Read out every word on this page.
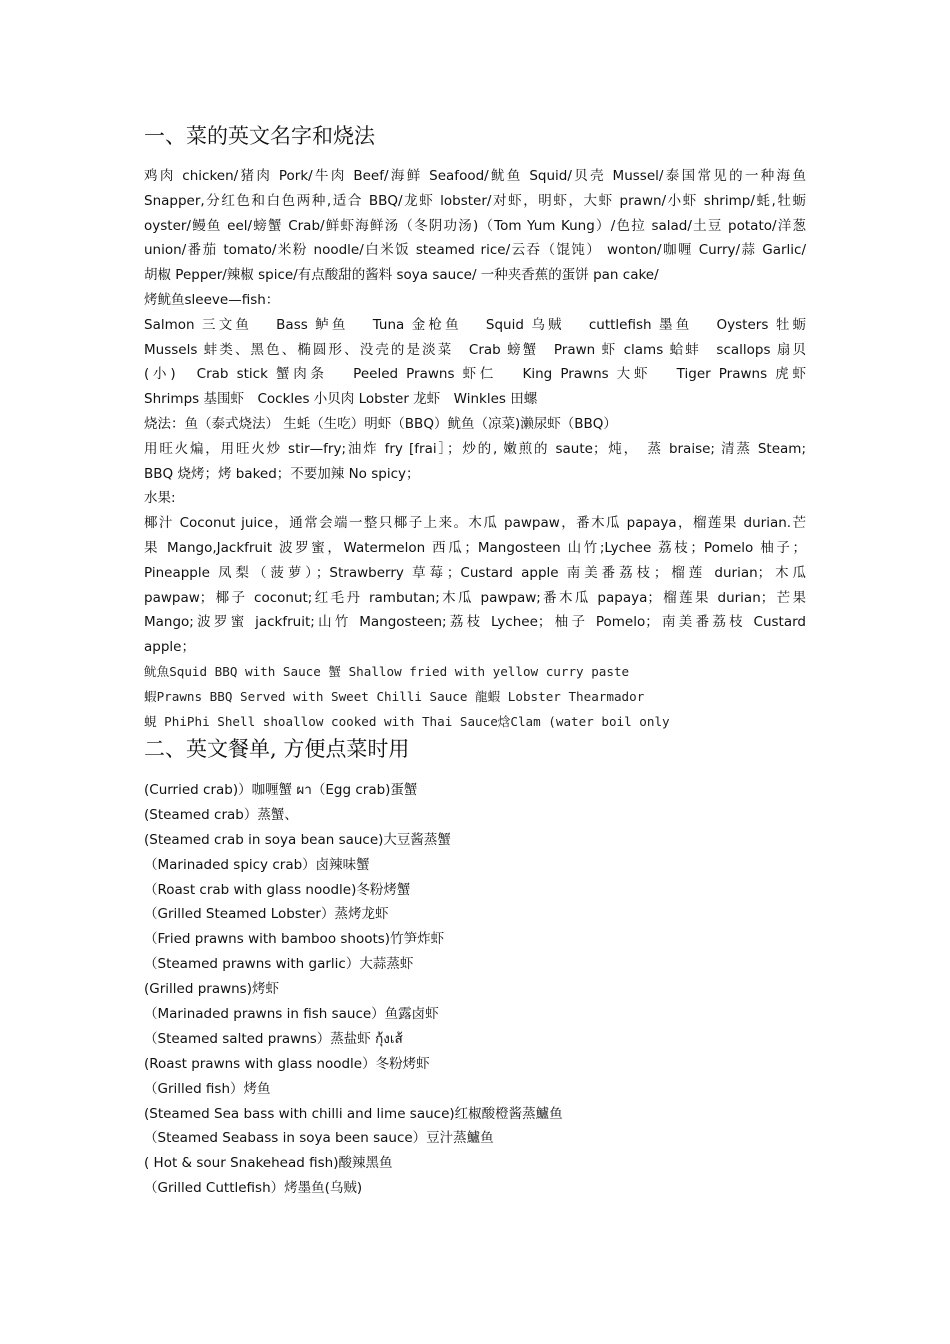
一、菜的英文名字和烧法
鸡肉 chicken/猪肉 Pork/牛肉 Beef/海鲜 Seafood/鱿鱼 Squid/贝壳 Mussel/泰国常见的一种海鱼
Snapper,分红色和白色两种,适合 BBQ/龙虾 lobster/对虾，明虾，大虾 prawn/小虾 shrimp/蚝,牡蛎
oyster/鳗鱼 eel/螃蟹 Crab/鲜虾海鲜汤（冬阴功汤)（Tom Yum Kung）/色拉 salad/土豆 potato/洋葱
union/番茄 tomato/米粉 noodle/白米饭 steamed rice/云吞（馄饨） wonton/咖喱 Curry/蒜 Garlic/
胡椒 Pepper/辣椒 spice/有点酸甜的酱料 soya sauce/ 一种夹香蕉的蛋饼 pan cake/
烤鱿鱼sleeve—fish：
Salmon 三文鱼　 Bass 鲈鱼　 Tuna 金枪鱼　 Squid 乌贼　 cuttlefish 墨鱼　 Oysters 牡蛎
Mussels 蚌类、黑色、椭圆形、没壳的是淡菜　Crab 螃蟹　Prawn 虾 clams 蛤蚌　scallops 扇贝
(小)　Crab stick 蟹肉条　 Peeled Prawns 虾仁　 King Prawns 大虾　 Tiger Prawns 虎虾
Shrimps 基围虾　Cockles 小贝肉 Lobster 龙虾　Winkles 田螺
烧法：鱼（泰式烧法） 生蚝（生吃）明虾（BBQ）鱿鱼（凉菜)濑尿虾（BBQ）
用旺火煸，用旺火炒 stir—fry;油炸 fry [frai］；炒的, 嫩煎的 saute；炖，　蒸 braise; 清蒸 Steam;
BBQ 烧烤；烤 baked；不要加辣 No spicy；
水果:
椰汁 Coconut juice，通常会端一整只椰子上来。木瓜 pawpaw，番木瓜 papaya，榴莲果 durian.芒
果 Mango,Jackfruit 波罗蜜，Watermelon 西瓜；Mangosteen 山竹;Lychee 荔枝；Pomelo 柚子；
Pineapple 凤梨（菠萝）；Strawberry 草莓；Custard apple 南美番荔枝；榴莲 durian；木瓜
pawpaw；椰子 coconut;红毛丹 rambutan;木瓜 pawpaw;番木瓜 papaya；榴莲果 durian；芒果
Mango;波罗蜜 jackfruit;山竹 Mangosteen;荔枝 Lychee；柚子 Pomelo；南美番荔枝 Custard
apple；
鱿魚Squid BBQ with Sauce 蟹 Shallow fried with yellow curry paste
蝦Prawns BBQ Served with Sweet Chilli Sauce 龍蝦 Lobster Thearmador
蜆 PhiPhi Shell shoallow cooked with Thai Sauce焓Clam (water boil only
二、英文餐单, 方便点菜时用
(Curried crab)）咖喱蟹 ผา（Egg crab)蛋蟹
(Steamed crab）蒸蟹、
(Steamed crab in soya bean sauce)大豆酱蒸蟹
（Marinaded spicy crab）卤辣味蟹
（Roast crab with glass noodle)冬粉烤蟹
（Grilled Steamed Lobster）蒸烤龙虾
（Fried prawns with bamboo shoots)竹笋炸虾
（Steamed prawns with garlic）大蒜蒸虾
(Grilled prawns)烤虾
（Marinaded prawns in fish sauce）鱼露卤虾
（Steamed salted prawns）蒸盐虾 กุ้งเส้
(Roast prawns with glass noodle）冬粉烤虾
（Grilled fish）烤鱼
(Steamed Sea bass with chilli and lime sauce)红椒酸橙酱蒸鱸鱼
（Steamed Seabass in soya been sauce）豆汁蒸鱸鱼
( Hot & sour Snakehead fish)酸辣黑鱼
（Grilled Cuttlefish）烤墨鱼(乌贼)
